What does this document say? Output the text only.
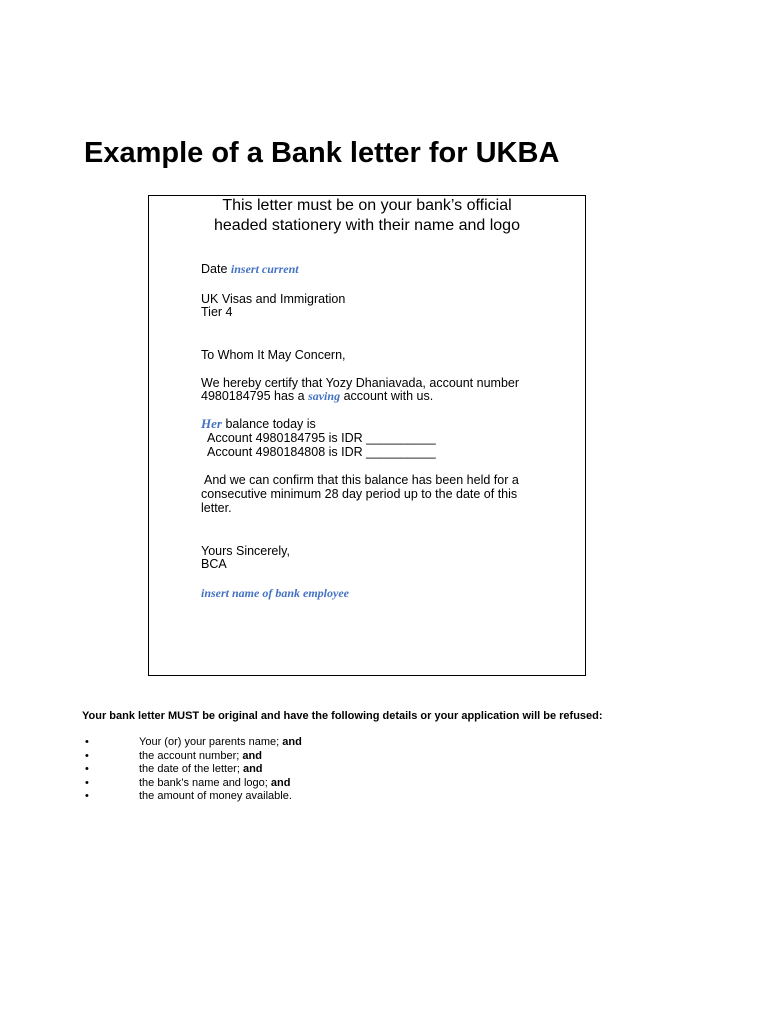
Example of a Bank letter for UKBA
This letter must be on your bank’s official
headed stationery with their name and logo
Date insert current
UK Visas and Immigration
Tier 4
To Whom It May Concern,
We hereby certify that Yozy Dhaniavada, account number
4980184795 has a saving account with us.
Her balance today is
Account 4980184795 is IDR __________
Account 4980184808 is IDR __________
And we can confirm that this balance has been held for a
consecutive minimum 28 day period up to the date of this
letter.
Yours Sincerely,
BCA
insert name of bank employee
Your bank letter MUST be original and have the following details or your application will be refused:
•	Your (or) your parents name; and
•	the account number; and
•	the date of the letter; and
•	the bank’s name and logo; and
•	the amount of money available.
